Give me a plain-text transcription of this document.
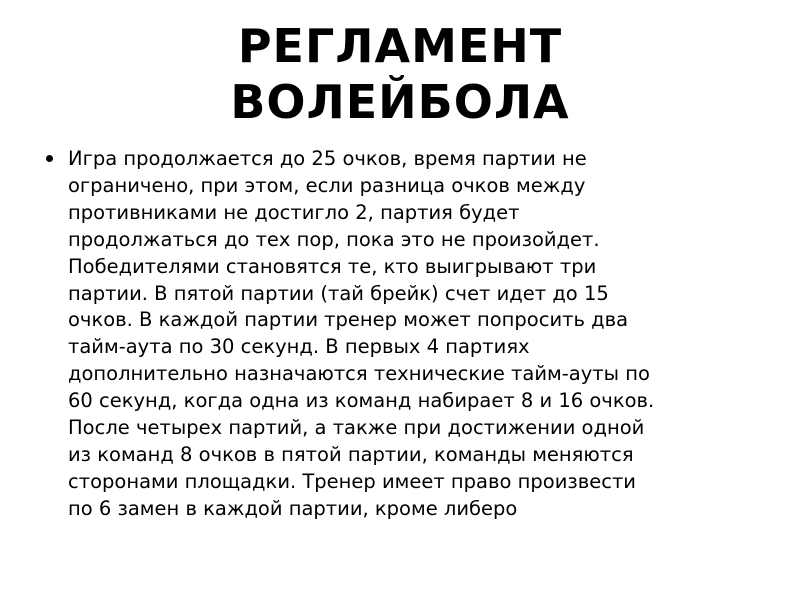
РЕГЛАМЕНТ
ВОЛЕЙБОЛА
Игра продолжается до 25 очков, время партии не
ограничено, при этом, если разница очков между
противниками не достигло 2, партия будет
продолжаться до тех пор, пока это не произойдет.
Победителями становятся те, кто выигрывают три
партии. В пятой партии (тай брейк) счет идет до 15
очков. В каждой партии тренер может попросить два
тайм-аута по 30 секунд. В первых 4 партиях
дополнительно назначаются технические тайм-ауты по
60 секунд, когда одна из команд набирает 8 и 16 очков.
После четырех партий, а также при достижении одной
из команд 8 очков в пятой партии, команды меняются
сторонами площадки. Тренер имеет право произвести
по 6 замен в каждой партии, кроме либеро
